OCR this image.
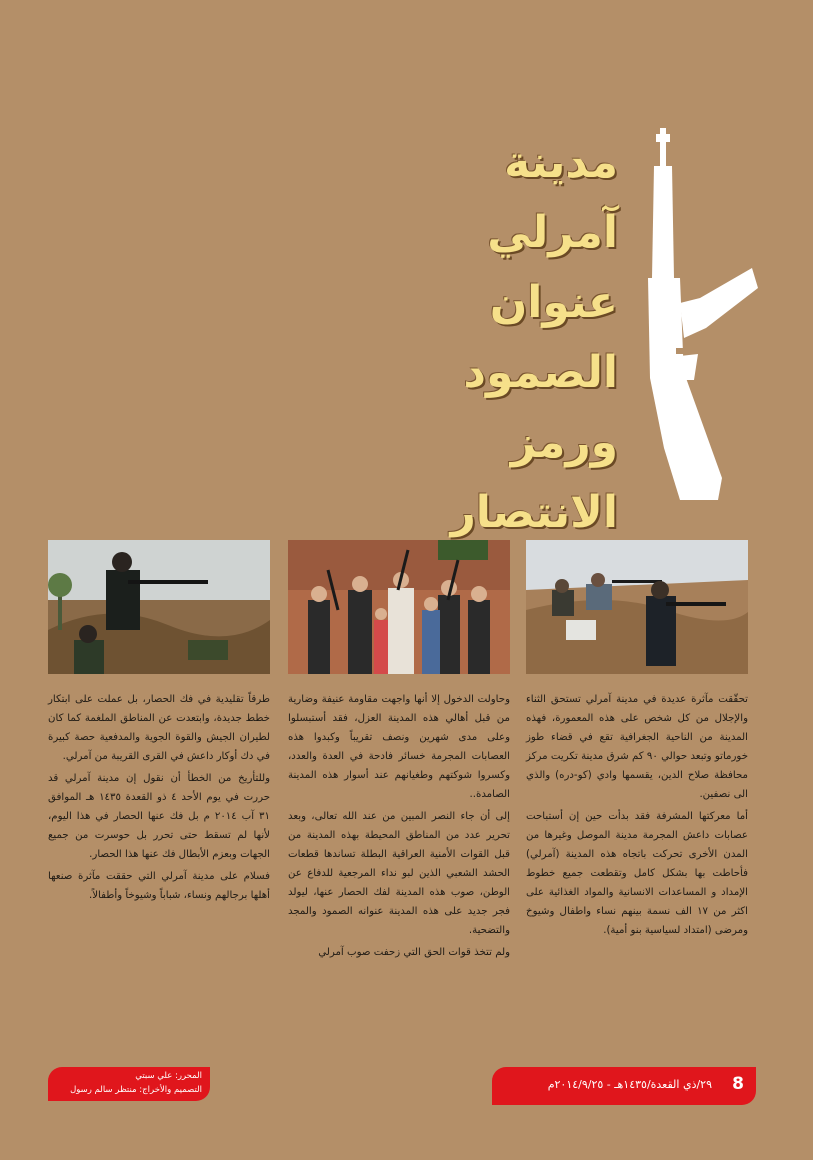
مدينة
آمرلي
عنوان
الصمود
ورمز
الانتصار

تحقّقت مآثرة عديدة في مدينة آمرلي تستحق الثناء والإجلال من كل شخص على هذه المعمورة، فهذه المدينة من الناحية الجغرافية تقع في قضاء طوز خورماتو وتبعد حوالي ٩٠ كم شرق مدينة تكريت مركز محافظة صلاح الدين، يقسمها وادي (كو-دره) والذي الى نصفين.

أما معركتها المشرفة فقد بدأت حين إن أستباحت عصابات داعش المجرمة مدينة الموصل وغيرها من المدن الأخرى تحركت باتجاه هذه المدينة (آمرلي) فأحاطت بها بشكل كامل وتقطعت جميع خطوط الإمداد و المساعدات الانسانية والمواد الغذائية على اكثر من ١٧ الف نسمة بينهم نساء واطفال وشيوخ ومرضى (امتداد لسياسية بنو أمية).

وحاولت الدخول إلا أنها واجهت مقاومة عنيفة وضارية من قبل أهالي هذه المدينة العزل، فقد أستبسلوا وعلى مدى شهرين ونصف تقريباً وكبدوا هذه العصابات المجرمة خسائر فادحة في العدة والعدد، وكسروا شوكتهم وطغيانهم عند أسوار هذه المدينة الصامدة..

إلى أن جاء النصر المبين من عند الله تعالى، وبعد تحرير عدد من المناطق المحيطة بهذه المدينة من قبل القوات الأمنية العراقية البطلة تساندها قطعات الحشد الشعبي الذين لبو نداء المرجعية للدفاع عن الوطن، صوب هذه المدينة لفك الحصار عنها، ليولد فجر جديد على هذه المدينة عنوانه الصمود والمجد والتضحية.

ولم تتخذ قوات الحق التي زحفت صوب آمرلي

طرقاً تقليدية في فك الحصار، بل عملت على ابتكار خطط جديدة، وابتعدت عن المناطق الملغمة كما كان لطيران الجيش والقوة الجوية والمدفعية حصة كبيرة في دك أوكار داعش في القرى القريبة من آمرلي.

وللتأريخ من الخطأ أن نقول إن مدينة آمرلي قد حررت في يوم الأحد ٤ ذو القعدة ١٤٣٥ هـ الموافق ٣١ آب ٢٠١٤ م بل فك عنها الحصار في هذا اليوم، لأنها لم تسقط حتى تحرر بل حوسرت من جميع الجهات وبعزم الأبطال فك عنها هذا الحصار.

فسلام على مدينة آمرلي التي حققت مآثرة صنعها أهلها برجالهم ونساء، شباباً وشيوخاً وأطفالاً.

8
٢٩/ذي القعدة/١٤٣٥هـ - ٢٠١٤/٩/٢٥م
المحرر: علي سبتي
التصميم والأخراج: منتظر سالم رسول
